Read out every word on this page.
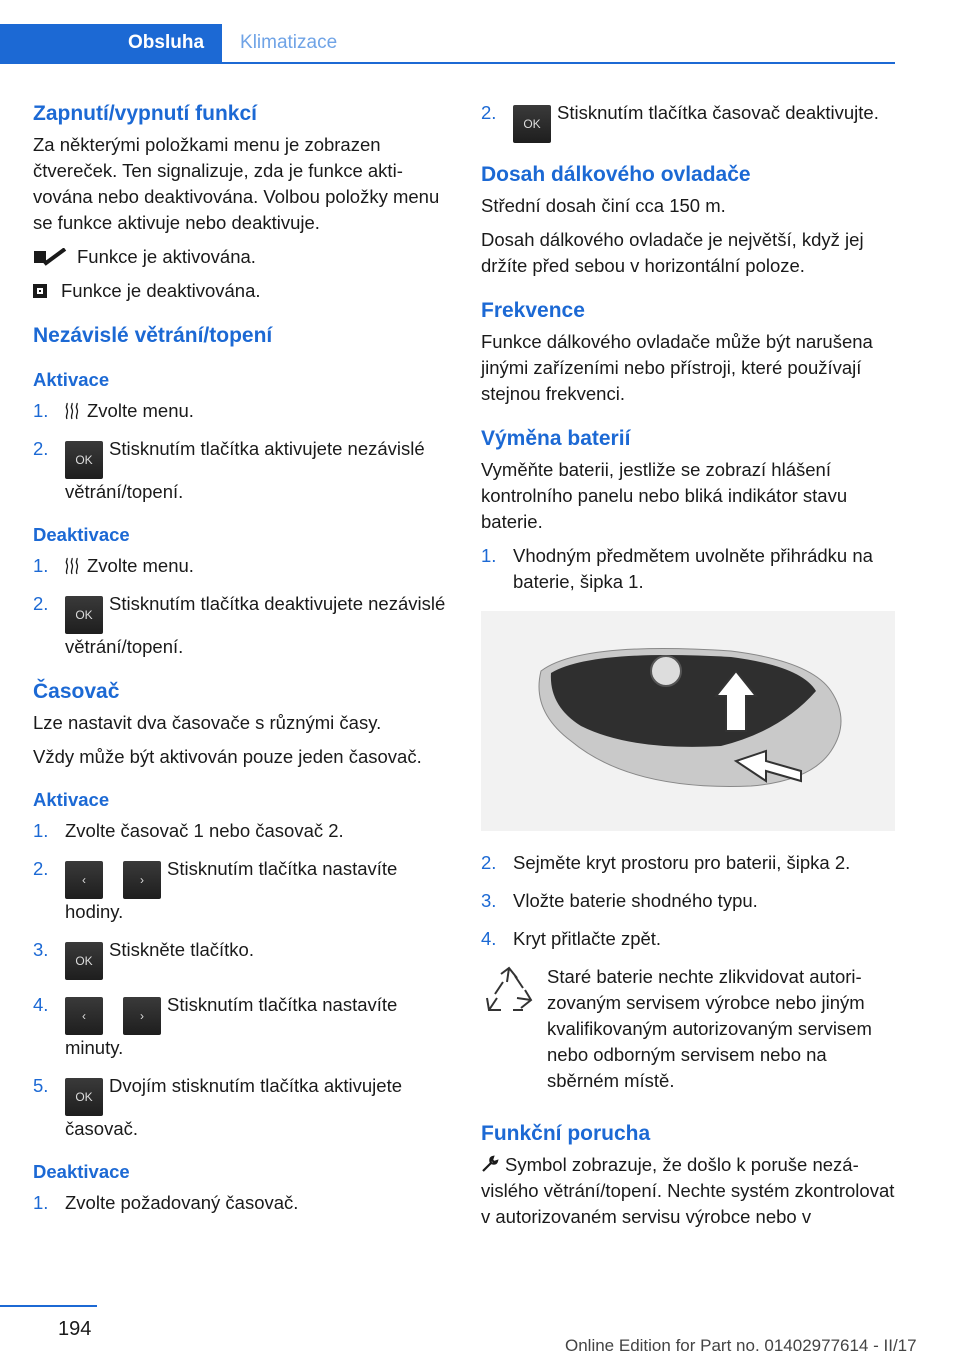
Obsluha	Klimatizace
Zapnutí/vypnutí funkcí

Za některými položkami menu je zobrazen čtvereček. Ten signalizuje, zda je funkce aktivována nebo deaktivována. Volbou položky menu se funkce aktivuje nebo deaktivuje.

Funkce je aktivována.
Funkce je deaktivována.
Nezávislé větrání/topení
Aktivace
1. Zvolte menu.
2.
OKStisknutím tlačítka aktivujete nezávislé větrání/topení.
Deaktivace
1. Zvolte menu.
2.
OKStisknutím tlačítka deaktivujete nezávislé větrání/topení.
Časovač

Lze nastavit dva časovače s různými časy.

Vždy může být aktivován pouze jeden časovač.

Aktivace
1. Zvolte časovač 1 nebo časovač 2.
2.
‹	›Stisknutím tlačítka nastavíte hodiny.
3.
OKStiskněte tlačítko.
4.
‹	›Stisknutím tlačítka nastavíte minuty.
5.
OKDvojím stisknutím tlačítka aktivujete časovač.
Deaktivace
1. Zvolte požadovaný časovač.
2.
OKStisknutím tlačítka časovač deaktivujte.
Dosah dálkového ovladače

Střední dosah činí cca 150 m.

Dosah dálkového ovladače je největší, když jej držíte před sebou v horizontální poloze.

Frekvence

Funkce dálkového ovladače může být narušena jinými zařízeními nebo přístroji, které používají stejnou frekvenci.

Výměna baterií

Vyměňte baterii, jestliže se zobrazí hlášení kontrolního panelu nebo bliká indikátor stavu baterie.

1. Vhodným předmětem uvolněte přihrádku na baterie, šipka 1.
2. Sejměte kryt prostoru pro baterii, šipka 2.
3. Vložte baterie shodného typu.
4. Kryt přitlačte zpět.

Staré baterie nechte zlikvidovat autorizovaným servisem výrobce nebo jiným kvalifikovaným autorizovaným servisem nebo odborným servisem nebo na sběrném místě.

Funkční porucha

Symbol zobrazuje, že došlo k poruše nezávislého větrání/topení. Nechte systém zkontrolovat v autorizovaném servisu výrobce nebo v

194
Online Edition for Part no. 01402977614 - II/17
